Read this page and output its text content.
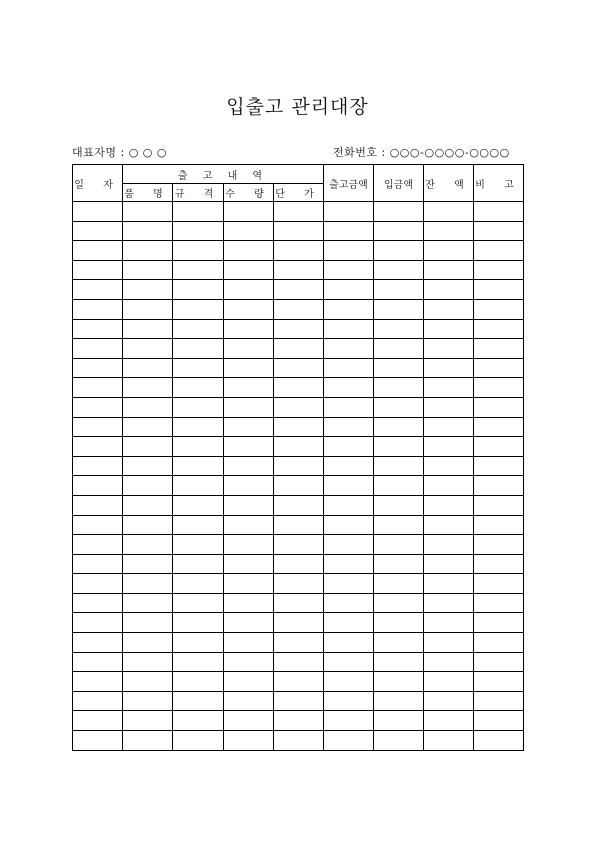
입출고 관리대장
대표자명 : ○ ○ ○	전화번호 : ○○○-○○○○-○○○○
일 자	출 고 내 역				출고금액	입금액	잔 액	비 고
	품 명	규 격	수 량	단 가				
